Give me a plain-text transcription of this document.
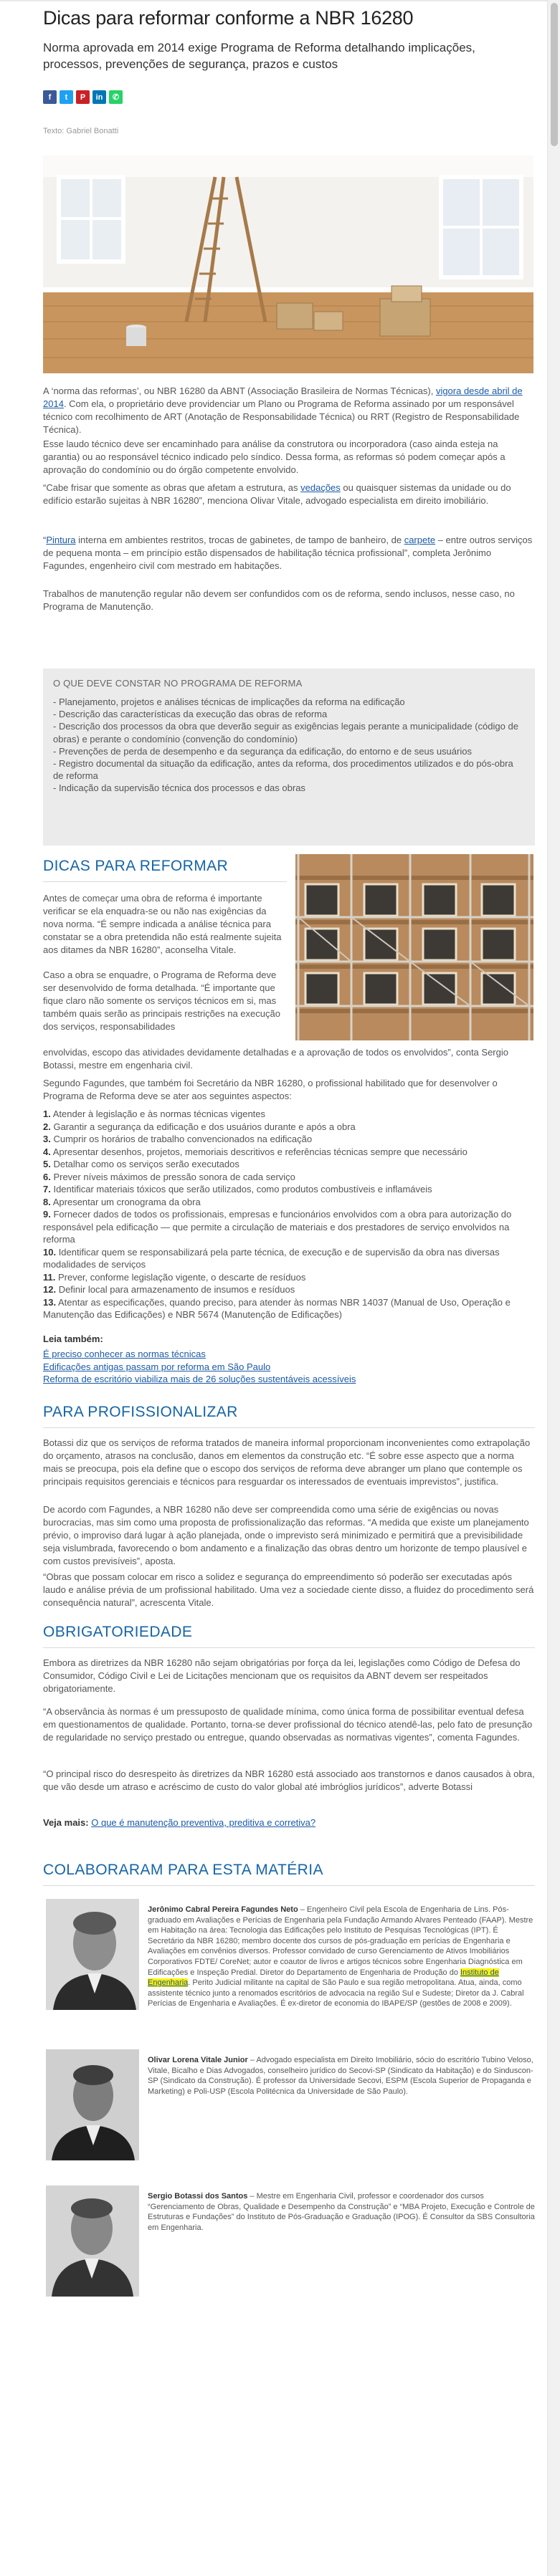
Dicas para reformar conforme a NBR 16280
Norma aprovada em 2014 exige Programa de Reforma detalhando implicações, processos, prevenções de segurança, prazos e custos
f	t	P	in	✆
Texto: Gabriel Bonatti

A ‘norma das reformas’, ou NBR 16280 da ABNT (Associação Brasileira de Normas Técnicas), vigora desde abril de 2014. Com ela, o proprietário deve providenciar um Plano ou Programa de Reforma assinado por um responsável técnico com recolhimento de ART (Anotação de Responsabilidade Técnica) ou RRT (Registro de Responsabilidade Técnica).

Esse laudo técnico deve ser encaminhado para análise da construtora ou incorporadora (caso ainda esteja na garantia) ou ao responsável técnico indicado pelo síndico. Dessa forma, as reformas só podem começar após a aprovação do condomínio ou do órgão competente envolvido.

“Cabe frisar que somente as obras que afetam a estrutura, as vedações ou quaisquer sistemas da unidade ou do edifício estarão sujeitas à NBR 16280”, menciona Olivar Vitale, advogado especialista em direito imobiliário.

“Pintura interna em ambientes restritos, trocas de gabinetes, de tampo de banheiro, de carpete – entre outros serviços de pequena monta – em princípio estão dispensados de habilitação técnica profissional”, completa Jerônimo Fagundes, engenheiro civil com mestrado em habitações.

Trabalhos de manutenção regular não devem ser confundidos com os de reforma, sendo inclusos, nesse caso, no Programa de Manutenção.

O QUE DEVE CONSTAR NO PROGRAMA DE REFORMA
- Planejamento, projetos e análises técnicas de implicações da reforma na edificação
- Descrição das características da execução das obras de reforma
- Descrição dos processos da obra que deverão seguir as exigências legais perante a municipalidade (código de obras) e perante o condomínio (convenção do condomínio)
- Prevenções de perda de desempenho e da segurança da edificação, do entorno e de seus usuários
- Registro documental da situação da edificação, antes da reforma, dos procedimentos utilizados e do pós-obra de reforma
- Indicação da supervisão técnica dos processos e das obras
DICAS PARA REFORMAR

Antes de começar uma obra de reforma é importante verificar se ela enquadra-se ou não nas exigências da nova norma. “É sempre indicada a análise técnica para constatar se a obra pretendida não está realmente sujeita aos ditames da NBR 16280”, aconselha Vitale.

Caso a obra se enquadre, o Programa de Reforma deve ser desenvolvido de forma detalhada. “É importante que fique claro não somente os serviços técnicos em si, mas também quais serão as principais restrições na execução dos serviços, responsabilidades

envolvidas, escopo das atividades devidamente detalhadas e a aprovação de todos os envolvidos”, conta Sergio Botassi, mestre em engenharia civil.

Segundo Fagundes, que também foi Secretário da NBR 16280, o profissional habilitado que for desenvolver o Programa de Reforma deve se ater aos seguintes aspectos:

1. Atender à legislação e às normas técnicas vigentes
2. Garantir a segurança da edificação e dos usuários durante e após a obra
3. Cumprir os horários de trabalho convencionados na edificação
4. Apresentar desenhos, projetos, memoriais descritivos e referências técnicas sempre que necessário
5. Detalhar como os serviços serão executados
6. Prever níveis máximos de pressão sonora de cada serviço
7. Identificar materiais tóxicos que serão utilizados, como produtos combustíveis e inflamáveis
8. Apresentar um cronograma da obra
9. Fornecer dados de todos os profissionais, empresas e funcionários envolvidos com a obra para autorização do responsável pela edificação — que permite a circulação de materiais e dos prestadores de serviço envolvidos na reforma
10. Identificar quem se responsabilizará pela parte técnica, de execução e de supervisão da obra nas diversas modalidades de serviços
11. Prever, conforme legislação vigente, o descarte de resíduos
12. Definir local para armazenamento de insumos e resíduos
13. Atentar as especificações, quando preciso, para atender às normas NBR 14037 (Manual de Uso, Operação e Manutenção das Edificações) e NBR 5674 (Manutenção de Edificações)
Leia também:
É preciso conhecer as normas técnicas
Edificações antigas passam por reforma em São Paulo
Reforma de escritório viabiliza mais de 26 soluções sustentáveis acessíveis
PARA PROFISSIONALIZAR

Botassi diz que os serviços de reforma tratados de maneira informal proporcionam inconvenientes como extrapolação do orçamento, atrasos na conclusão, danos em elementos da construção etc. “É sobre esse aspecto que a norma mais se preocupa, pois ela define que o escopo dos serviços de reforma deve abranger um plano que contemple os principais requisitos gerenciais e técnicos para resguardar os interessados de eventuais imprevistos”, justifica.

De acordo com Fagundes, a NBR 16280 não deve ser compreendida como uma série de exigências ou novas burocracias, mas sim como uma proposta de profissionalização das reformas. “A medida que existe um planejamento prévio, o improviso dará lugar à ação planejada, onde o imprevisto será minimizado e permitirá que a previsibilidade seja vislumbrada, favorecendo o bom andamento e a finalização das obras dentro um horizonte de tempo plausível e com custos previsíveis”, aposta.

“Obras que possam colocar em risco a solidez e segurança do empreendimento só poderão ser executadas após laudo e análise prévia de um profissional habilitado. Uma vez a sociedade ciente disso, a fluidez do procedimento será consequência natural”, acrescenta Vitale.

OBRIGATORIEDADE

Embora as diretrizes da NBR 16280 não sejam obrigatórias por força da lei, legislações como Código de Defesa do Consumidor, Código Civil e Lei de Licitações mencionam que os requisitos da ABNT devem ser respeitados obrigatoriamente.

“A observância às normas é um pressuposto de qualidade mínima, como única forma de possibilitar eventual defesa em questionamentos de qualidade. Portanto, torna-se dever profissional do técnico atendê-las, pelo fato de presunção de regularidade no serviço prestado ou entregue, quando observadas as normativas vigentes”, comenta Fagundes.

“O principal risco do desrespeito às diretrizes da NBR 16280 está associado aos transtornos e danos causados à obra, que vão desde um atraso e acréscimo de custo do valor global até imbróglios jurídicos”, adverte Botassi

Veja mais: O que é manutenção preventiva, preditiva e corretiva?

COLABORARAM PARA ESTA MATÉRIA
Jerônimo Cabral Pereira Fagundes Neto – Engenheiro Civil pela Escola de Engenharia de Lins. Pós-graduado em Avaliações e Perícias de Engenharia pela Fundação Armando Alvares Penteado (FAAP). Mestre em Habitação na área: Tecnologia das Edificações pelo Instituto de Pesquisas Tecnológicas (IPT). É Secretário da NBR 16280; membro docente dos cursos de pós-graduação em perícias de Engenharia e Avaliações em convênios diversos. Professor convidado de curso Gerenciamento de Ativos Imobiliários Corporativos FDTE/ CoreNet; autor e coautor de livros e artigos técnicos sobre Engenharia Diagnóstica em Edificações e Inspeção Predial. Diretor do Departamento de Engenharia de Produção do Instituto de Engenharia. Perito Judicial militante na capital de São Paulo e sua região metropolitana. Atua, ainda, como assistente técnico junto a renomados escritórios de advocacia na região Sul e Sudeste; Diretor da J. Cabral Perícias de Engenharia e Avaliações. É ex-diretor de economia do IBAPE/SP (gestões de 2008 e 2009).
Olivar Lorena Vitale Junior – Advogado especialista em Direito Imobiliário, sócio do escritório Tubino Veloso, Vitale, Bicalho e Dias Advogados, conselheiro jurídico do Secovi-SP (Sindicato da Habitação) e do Sinduscon-SP (Sindicato da Construção). É professor da Universidade Secovi, ESPM (Escola Superior de Propaganda e Marketing) e Poli-USP (Escola Politécnica da Universidade de São Paulo).
Sergio Botassi dos Santos – Mestre em Engenharia Civil, professor e coordenador dos cursos “Gerenciamento de Obras, Qualidade e Desempenho da Construção” e “MBA Projeto, Execução e Controle de Estruturas e Fundações” do Instituto de Pós-Graduação e Graduação (IPOG). É Consultor da SBS Consultoria em Engenharia.
